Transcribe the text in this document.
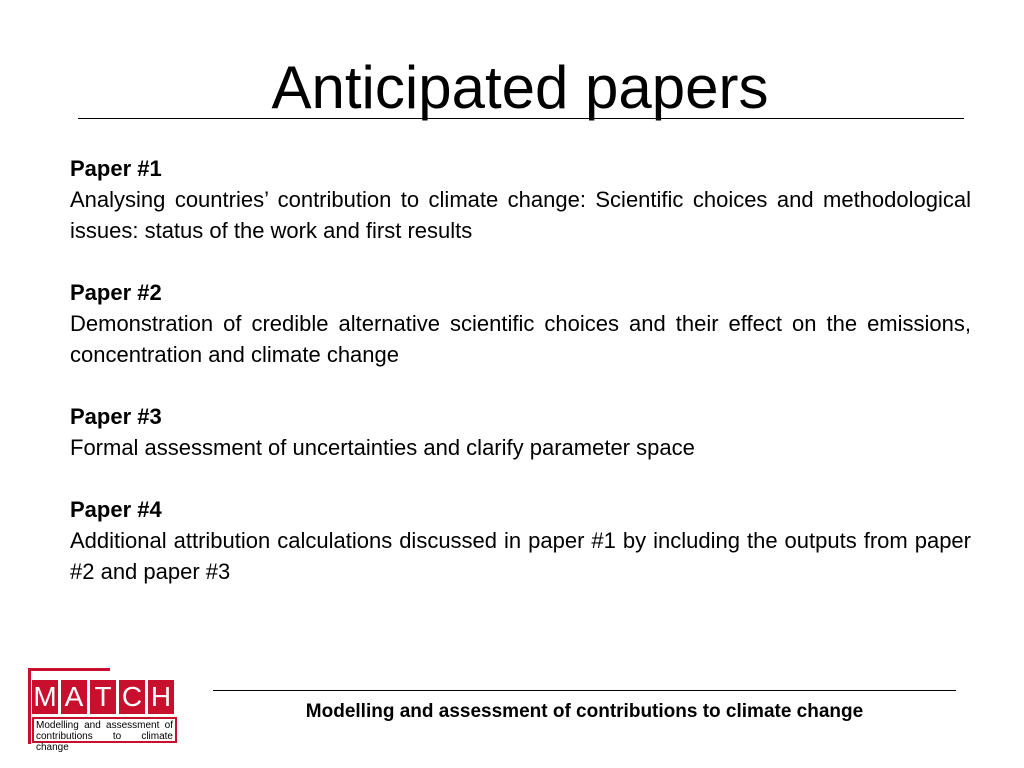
Anticipated papers
Paper #1
Analysing countries’ contribution to climate change: Scientific choices and methodological issues: status of the work and first results
Paper #2
Demonstration of credible alternative scientific choices and their effect on the emissions, concentration and climate change
Paper #3
Formal assessment of uncertainties and clarify parameter space
Paper #4
Additional attribution calculations discussed in paper #1 by including the outputs from paper #2 and paper #3
M A T C H
Modelling and assessment of contributions to climate change
Modelling and assessment of contributions to climate change
